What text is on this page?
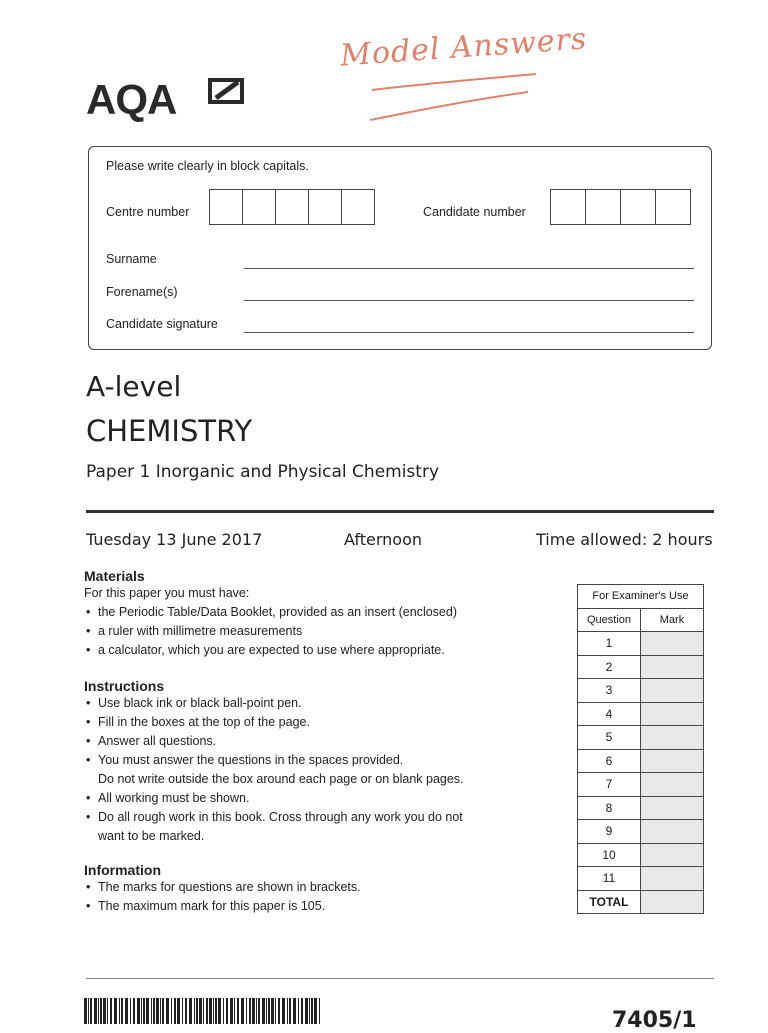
Model Answers
AQA
Please write clearly in block capitals.
Centre number	Candidate number
Surname
Forename(s)
Candidate signature
A-level
CHEMISTRY
Paper 1 Inorganic and Physical Chemistry
Tuesday 13 June 2017	Afternoon	Time allowed: 2 hours
Materials
For this paper you must have:
• the Periodic Table/Data Booklet, provided as an insert (enclosed)
• a ruler with millimetre measurements
• a calculator, which you are expected to use where appropriate.
Instructions
• Use black ink or black ball-point pen.
• Fill in the boxes at the top of the page.
• Answer all questions.
• You must answer the questions in the spaces provided.
Do not write outside the box around each page or on blank pages.
• All working must be shown.
• Do all rough work in this book. Cross through any work you do not
want to be marked.
Information
• The marks for questions are shown in brackets.
• The maximum mark for this paper is 105.
For Examiner's Use	
Question	Mark
1	
2	
3	
4	
5	
6	
7	
8	
9	
10	
11	
TOTAL	
7405/1
